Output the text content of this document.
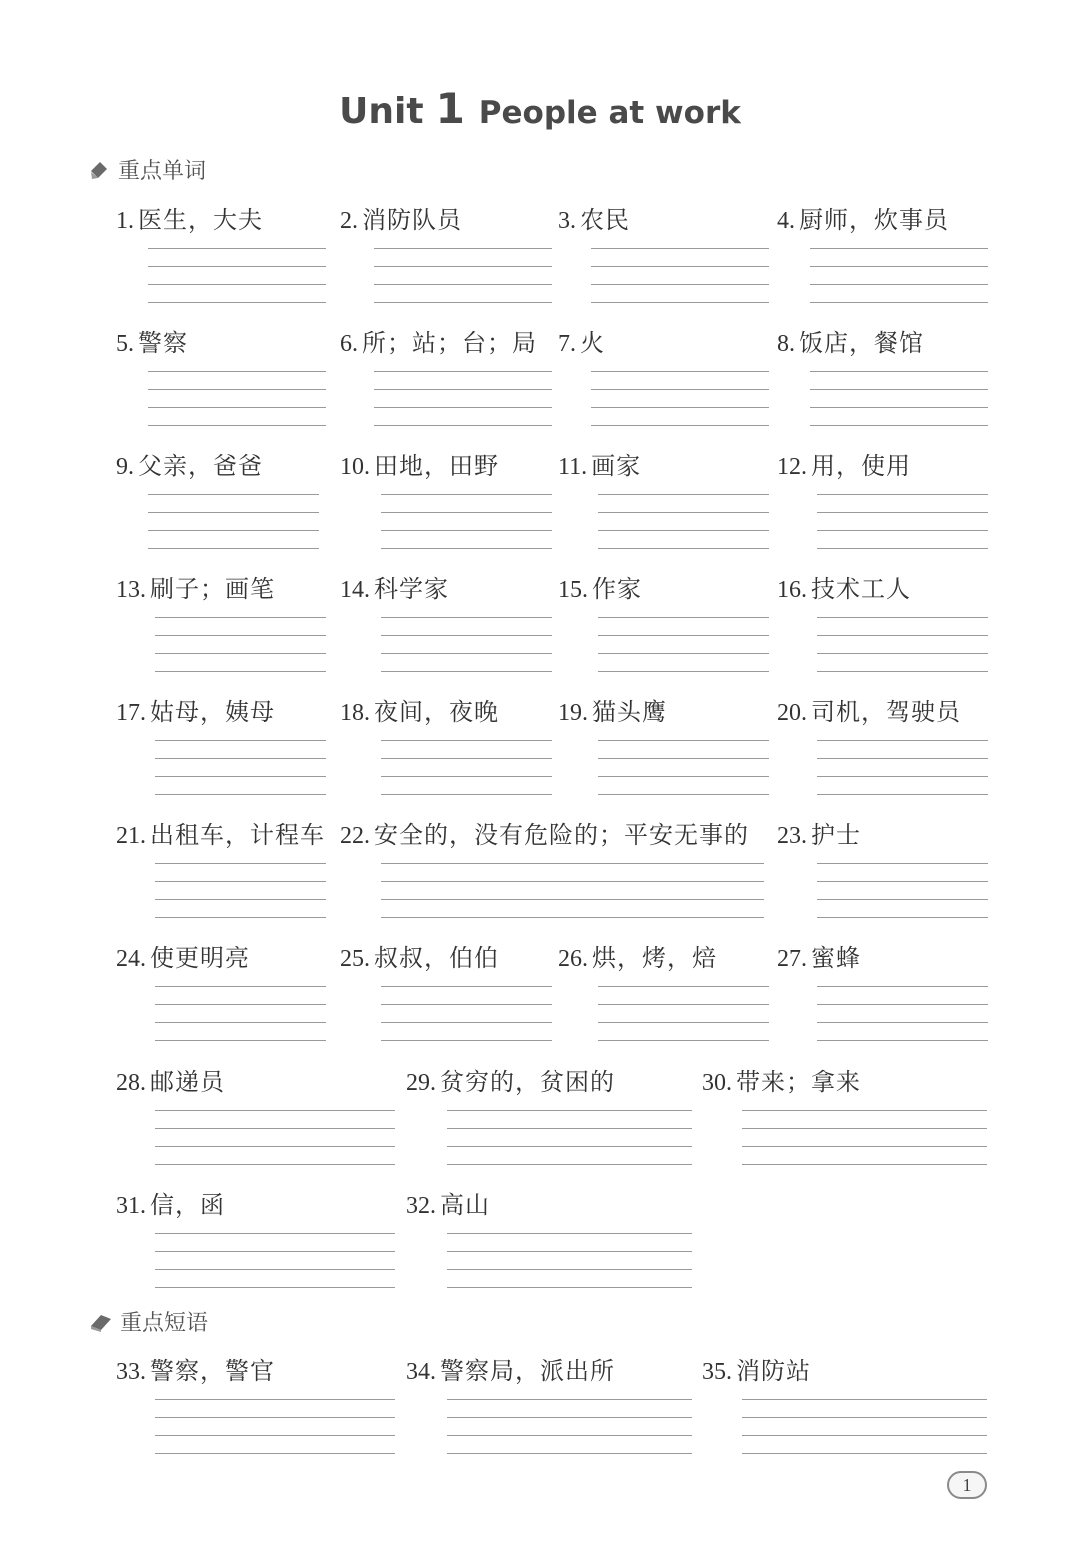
Unit 1 People at work
重点单词
重点短语
1. 医生，大夫	2. 消防队员	3. 农民	4. 厨师，炊事员
5. 警察	6. 所；站；台；局 7. 火	8. 饭店，餐馆
9. 父亲，爸爸	10. 田地，田野 11. 画家	12. 用，使用
13. 刷子；画笔	14. 科学家	15. 作家	16. 技术工人
17. 姑母，姨母	18. 夜间，夜晚 19. 猫头鹰	20. 司机，驾驶员
21. 出租车，计程车 22. 安全的，没有危险的；平安无事的 23. 护士
24. 使更明亮	25. 叔叔，伯伯 26. 烘，烤，焙	27. 蜜蜂
28. 邮递员	29. 贫穷的，贫困的	30. 带来；拿来
31. 信，函	32. 高山
33. 警察，警官	34. 警察局，派出所	35. 消防站
1
